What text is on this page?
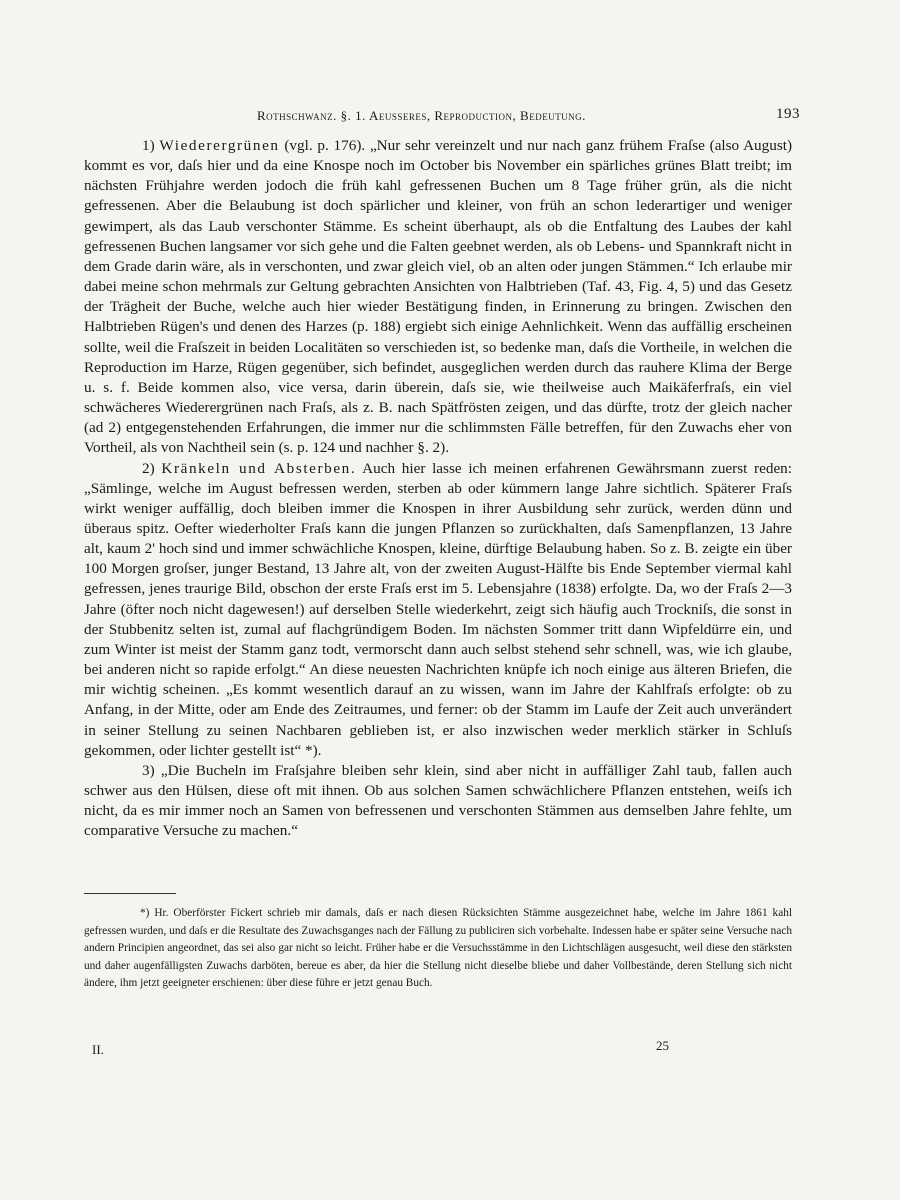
Rothschwanz. §. 1. Aeusseres, Reproduction, Bedeutung.	193

1) Wiederergrünen (vgl. p. 176). „Nur sehr vereinzelt und nur nach ganz frühem Fraſse (also August) kommt es vor, daſs hier und da eine Knospe noch im October bis November ein spärliches grünes Blatt treibt; im nächsten Frühjahre werden jodoch die früh kahl gefressenen Buchen um 8 Tage früher grün, als die nicht gefressenen. Aber die Belaubung ist doch spärlicher und kleiner, von früh an schon lederartiger und weniger gewimpert, als das Laub verschonter Stämme. Es scheint überhaupt, als ob die Entfaltung des Laubes der kahl gefressenen Buchen langsamer vor sich gehe und die Falten geebnet werden, als ob Lebens- und Spannkraft nicht in dem Grade darin wäre, als in verschonten, und zwar gleich viel, ob an alten oder jungen Stämmen.“ Ich erlaube mir dabei meine schon mehrmals zur Geltung gebrachten Ansichten von Halbtrieben (Taf. 43, Fig. 4, 5) und das Gesetz der Trägheit der Buche, welche auch hier wieder Bestätigung finden, in Erinnerung zu bringen. Zwischen den Halbtrieben Rügen's und denen des Harzes (p. 188) ergiebt sich einige Aehnlichkeit. Wenn das auffällig erscheinen sollte, weil die Fraſszeit in beiden Localitäten so verschieden ist, so bedenke man, daſs die Vortheile, in welchen die Reproduction im Harze, Rügen gegenüber, sich befindet, ausgeglichen werden durch das rauhere Klima der Berge u. s. f. Beide kommen also, vice versa, darin überein, daſs sie, wie theilweise auch Maikäferfraſs, ein viel schwächeres Wiederergrünen nach Fraſs, als z. B. nach Spätfrösten zeigen, und das dürfte, trotz der gleich nacher (ad 2) entgegenstehenden Erfahrungen, die immer nur die schlimmsten Fälle betreffen, für den Zuwachs eher von Vortheil, als von Nachtheil sein (s. p. 124 und nachher §. 2).

2) Kränkeln und Absterben. Auch hier lasse ich meinen erfahrenen Gewährsmann zuerst reden: „Sämlinge, welche im August befressen werden, sterben ab oder kümmern lange Jahre sichtlich. Späterer Fraſs wirkt weniger auffällig, doch bleiben immer die Knospen in ihrer Ausbildung sehr zurück, werden dünn und überaus spitz. Oefter wiederholter Fraſs kann die jungen Pflanzen so zurückhalten, daſs Samenpflanzen, 13 Jahre alt, kaum 2' hoch sind und immer schwächliche Knospen, kleine, dürftige Belaubung haben. So z. B. zeigte ein über 100 Morgen groſser, junger Bestand, 13 Jahre alt, von der zweiten August-Hälfte bis Ende September viermal kahl gefressen, jenes traurige Bild, obschon der erste Fraſs erst im 5. Lebensjahre (1838) erfolgte. Da, wo der Fraſs 2—3 Jahre (öfter noch nicht dagewesen!) auf derselben Stelle wiederkehrt, zeigt sich häufig auch Trockniſs, die sonst in der Stubbenitz selten ist, zumal auf flachgründigem Boden. Im nächsten Sommer tritt dann Wipfeldürre ein, und zum Winter ist meist der Stamm ganz todt, vermorscht dann auch selbst stehend sehr schnell, was, wie ich glaube, bei anderen nicht so rapide erfolgt.“ An diese neuesten Nachrichten knüpfe ich noch einige aus älteren Briefen, die mir wichtig scheinen. „Es kommt wesentlich darauf an zu wissen, wann im Jahre der Kahlfraſs erfolgte: ob zu Anfang, in der Mitte, oder am Ende des Zeitraumes, und ferner: ob der Stamm im Laufe der Zeit auch unverändert in seiner Stellung zu seinen Nachbaren geblieben ist, er also inzwischen weder merklich stärker in Schluſs gekommen, oder lichter gestellt ist“ *).

3) „Die Bucheln im Fraſsjahre bleiben sehr klein, sind aber nicht in auffälliger Zahl taub, fallen auch schwer aus den Hülsen, diese oft mit ihnen. Ob aus solchen Samen schwächlichere Pflanzen entstehen, weiſs ich nicht, da es mir immer noch an Samen von befressenen und verschonten Stämmen aus demselben Jahre fehlte, um comparative Versuche zu machen.“

*) Hr. Oberförster Fickert schrieb mir damals, daſs er nach diesen Rücksichten Stämme ausgezeichnet habe, welche im Jahre 1861 kahl gefressen wurden, und daſs er die Resultate des Zuwachsganges nach der Fällung zu publiciren sich vorbehalte. Indessen habe er später seine Versuche nach andern Principien angeordnet, das sei also gar nicht so leicht. Früher habe er die Versuchsstämme in den Lichtschlägen ausgesucht, weil diese den stärksten und daher augenfälligsten Zuwachs darböten, bereue es aber, da hier die Stellung nicht dieselbe bliebe und daher Vollbestände, deren Stellung sich nicht ändere, ihm jetzt geeigneter erschienen: über diese führe er jetzt genau Buch.

II.	25
